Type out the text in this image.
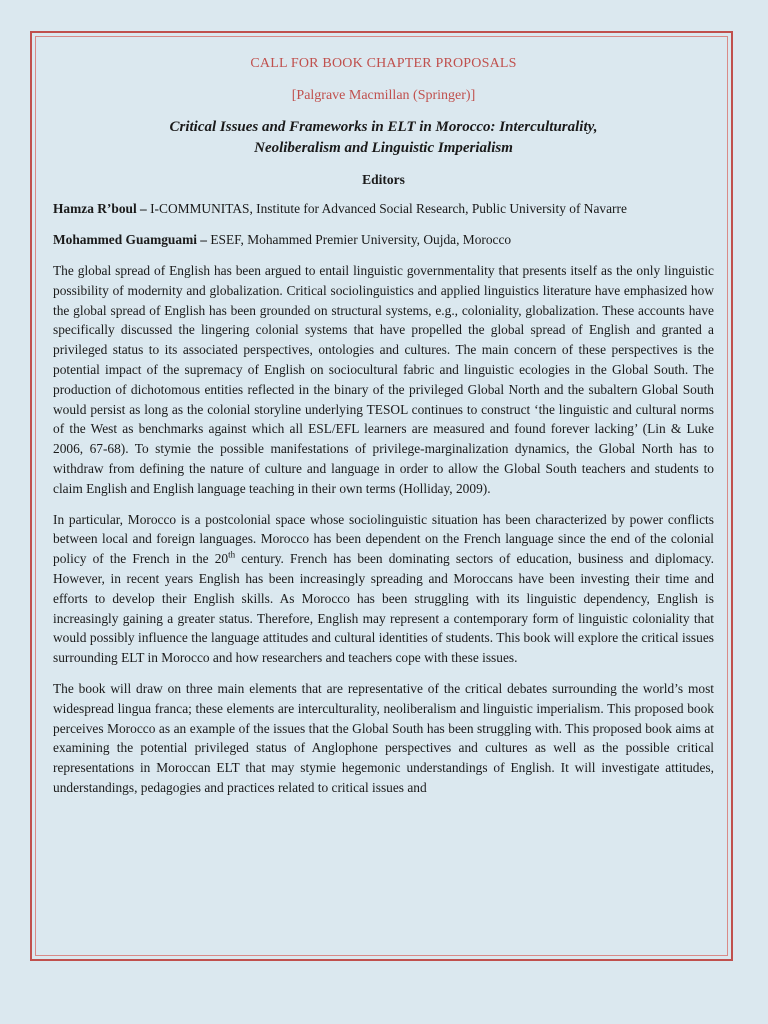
CALL FOR BOOK CHAPTER PROPOSALS
[Palgrave Macmillan (Springer)]
Critical Issues and Frameworks in ELT in Morocco: Interculturality,
Neoliberalism and Linguistic Imperialism
Editors
Hamza R’boul – I-COMMUNITAS, Institute for Advanced Social Research, Public University of Navarre
Mohammed Guamguami – ESEF, Mohammed Premier University, Oujda, Morocco
The global spread of English has been argued to entail linguistic governmentality that presents itself as the only linguistic possibility of modernity and globalization. Critical sociolinguistics and applied linguistics literature have emphasized how the global spread of English has been grounded on structural systems, e.g., coloniality, globalization. These accounts have specifically discussed the lingering colonial systems that have propelled the global spread of English and granted a privileged status to its associated perspectives, ontologies and cultures. The main concern of these perspectives is the potential impact of the supremacy of English on sociocultural fabric and linguistic ecologies in the Global South. The production of dichotomous entities reflected in the binary of the privileged Global North and the subaltern Global South would persist as long as the colonial storyline underlying TESOL continues to construct ‘the linguistic and cultural norms of the West as benchmarks against which all ESL/EFL learners are measured and found forever lacking’ (Lin & Luke 2006, 67-68). To stymie the possible manifestations of privilege-marginalization dynamics, the Global North has to withdraw from defining the nature of culture and language in order to allow the Global South teachers and students to claim English and English language teaching in their own terms (Holliday, 2009).
In particular, Morocco is a postcolonial space whose sociolinguistic situation has been characterized by power conflicts between local and foreign languages. Morocco has been dependent on the French language since the end of the colonial policy of the French in the 20th century. French has been dominating sectors of education, business and diplomacy. However, in recent years English has been increasingly spreading and Moroccans have been investing their time and efforts to develop their English skills. As Morocco has been struggling with its linguistic dependency, English is increasingly gaining a greater status. Therefore, English may represent a contemporary form of linguistic coloniality that would possibly influence the language attitudes and cultural identities of students. This book will explore the critical issues surrounding ELT in Morocco and how researchers and teachers cope with these issues.
The book will draw on three main elements that are representative of the critical debates surrounding the world’s most widespread lingua franca; these elements are interculturality, neoliberalism and linguistic imperialism. This proposed book perceives Morocco as an example of the issues that the Global South has been struggling with. This proposed book aims at examining the potential privileged status of Anglophone perspectives and cultures as well as the possible critical representations in Moroccan ELT that may stymie hegemonic understandings of English. It will investigate attitudes, understandings, pedagogies and practices related to critical issues and
